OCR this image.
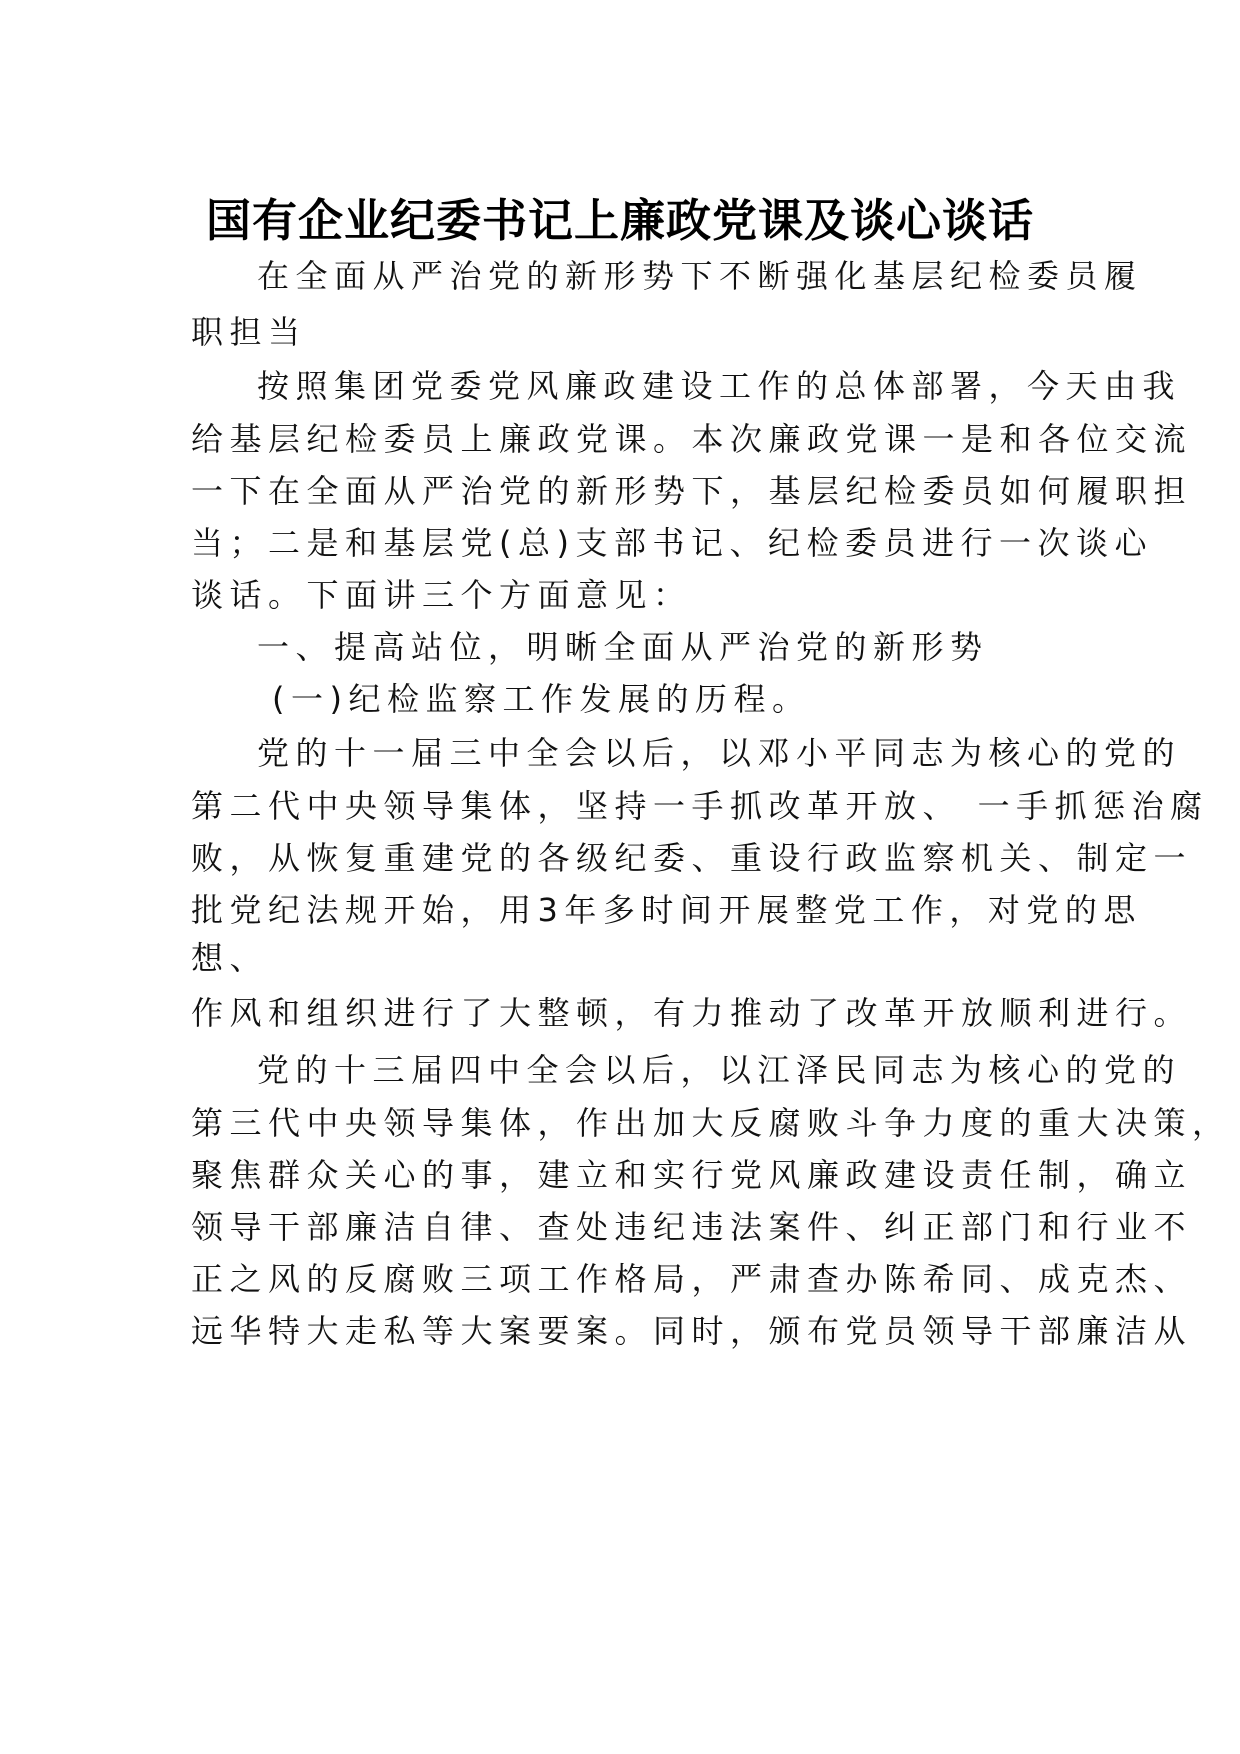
国有企业纪委书记上廉政党课及谈心谈话
在全面从严治党的新形势下不断强化基层纪检委员履
职担当
按照集团党委党风廉政建设工作的总体部署，今天由我
给基层纪检委员上廉政党课。本次廉政党课一是和各位交流
一下在全面从严治党的新形势下，基层纪检委员如何履职担
当；二是和基层党(总)支部书记、纪检委员进行一次谈心
谈话。下面讲三个方面意见：
一、提高站位，明晰全面从严治党的新形势
(一)纪检监察工作发展的历程。
党的十一届三中全会以后，以邓小平同志为核心的党的
第二代中央领导集体，坚持一手抓改革开放、 一手抓惩治腐
败，从恢复重建党的各级纪委、重设行政监察机关、制定一
批党纪法规开始，用3年多时间开展整党工作，对党的思
想、
作风和组织进行了大整顿，有力推动了改革开放顺利进行。
党的十三届四中全会以后，以江泽民同志为核心的党的
第三代中央领导集体，作出加大反腐败斗争力度的重大决策，
聚焦群众关心的事，建立和实行党风廉政建设责任制，确立
领导干部廉洁自律、查处违纪违法案件、纠正部门和行业不
正之风的反腐败三项工作格局，严肃查办陈希同、成克杰、
远华特大走私等大案要案。同时，颁布党员领导干部廉洁从
